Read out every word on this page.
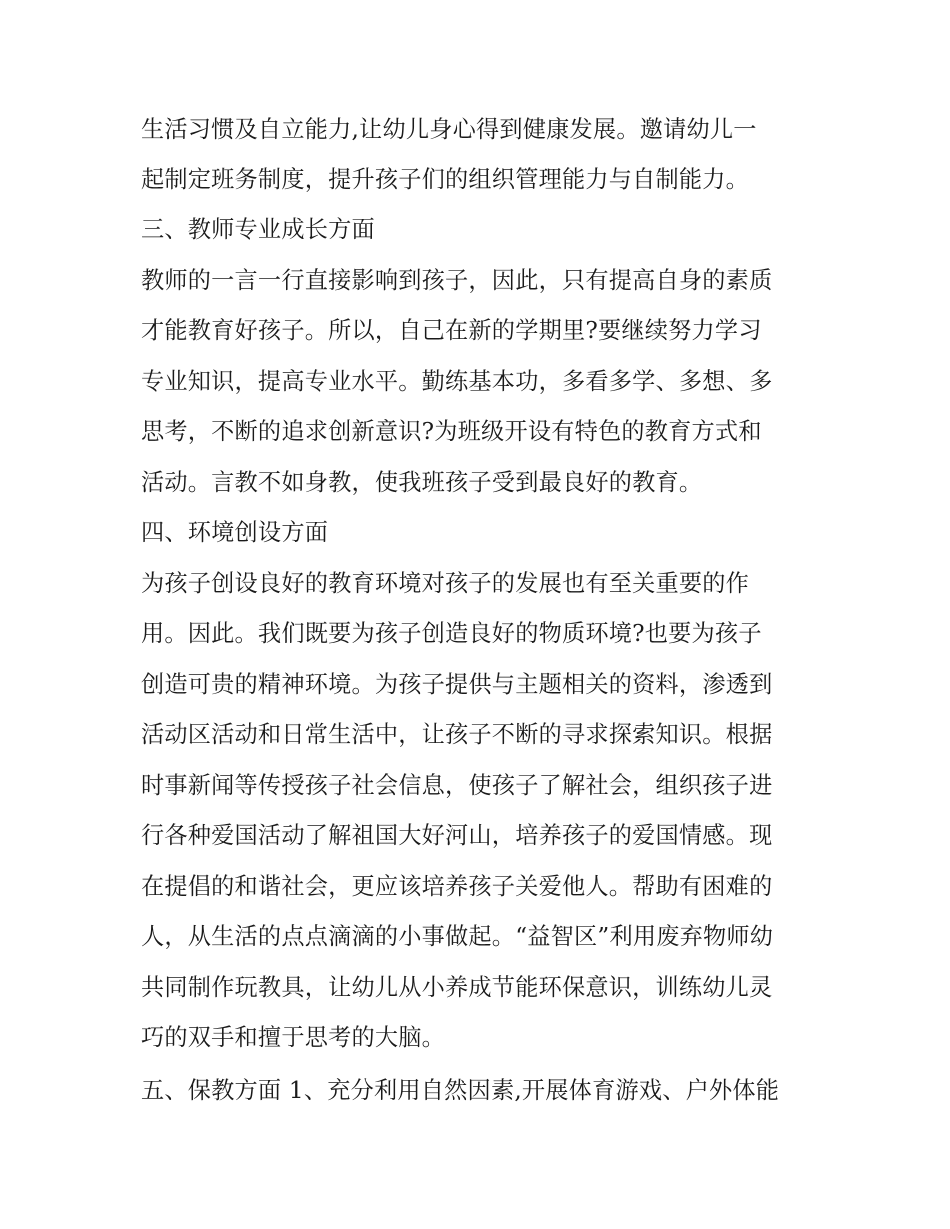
生活习惯及自立能力,让幼儿身心得到健康发展。邀请幼儿一
起制定班务制度，提升孩子们的组织管理能力与自制能力。
三、教师专业成长方面
教师的一言一行直接影响到孩子，因此，只有提高自身的素质
才能教育好孩子。所以，自己在新的学期里?要继续努力学习
专业知识，提高专业水平。勤练基本功，多看多学、多想、多
思考，不断的追求创新意识?为班级开设有特色的教育方式和
活动。言教不如身教，使我班孩子受到最良好的教育。
四、环境创设方面
为孩子创设良好的教育环境对孩子的发展也有至关重要的作
用。因此。我们既要为孩子创造良好的物质环境?也要为孩子
创造可贵的精神环境。为孩子提供与主题相关的资料，渗透到
活动区活动和日常生活中，让孩子不断的寻求探索知识。根据
时事新闻等传授孩子社会信息，使孩子了解社会，组织孩子进
行各种爱国活动了解祖国大好河山，培养孩子的爱国情感。现
在提倡的和谐社会，更应该培养孩子关爱他人。帮助有困难的
人，从生活的点点滴滴的小事做起。“益智区”利用废弃物师幼
共同制作玩教具，让幼儿从小养成节能环保意识，训练幼儿灵
巧的双手和擅于思考的大脑。
五、保教方面 1、充分利用自然因素,开展体育游戏、户外体能
